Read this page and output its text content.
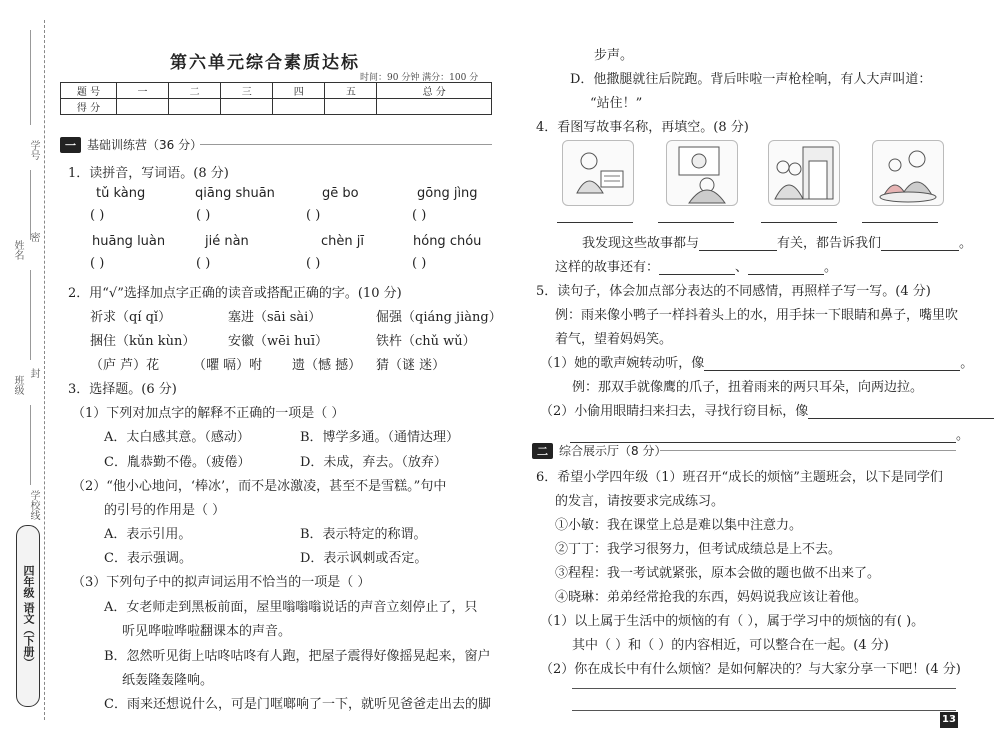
学号
姓名
密
班级
封
学校
线
四年级 语文（下册）
第六单元综合素质达标
时间：90 分钟 满分：100 分
题 号	一	二	三	四	五	总 分
得 分						
一 基础训练营（36 分）
1．读拼音，写词语。(8 分)
tǔ kàng	qiāng shuān	gē bo	gōng jìng
( )	( )	( )	( )
huāng luàn	jié nàn	chèn jī	hóng chóu
( )	( )	( )	( )
2．用“√”选择加点字正确的读音或搭配正确的字。(10 分)
祈求（qí qǐ）	塞进（sāi sài）	倔强（qiáng jiàng）
捆住（kǔn kùn）	安徽（wēi huī）	铁杵（chǔ wǔ）
（庐 芦）花	（㘗 嗝）咐 遗（憾 撼） 猜（谜 迷）
3．选择题。(6 分)
（1）下列对加点字的解释不正确的一项是（ ）
A．太白感其意。（感动）	B．博学多通。（通情达理）
C．胤恭勤不倦。（疲倦）	D．未成，弃去。（放弃）
（2）“他小心地问，‘棒冰’，而不是冰激凌，甚至不是雪糕。”句中
的引号的作用是（ ）
A．表示引用。	B．表示特定的称谓。
C．表示强调。	D．表示讽刺或否定。
（3）下列句子中的拟声词运用不恰当的一项是（ ）
A．女老师走到黑板前面，屋里嗡嗡嗡说话的声音立刻停止了，只
听见哗啦哗啦翻课本的声音。
B．忽然听见街上咕咚咕咚有人跑，把屋子震得好像摇晃起来，窗户
纸轰隆轰隆响。
C．雨来还想说什么，可是门哐啷响了一下，就听见爸爸走出去的脚
步声。
D．他撒腿就往后院跑。背后咔啦一声枪栓响，有人大声叫道：
“站住！”
4．看图写故事名称，再填空。(8 分)
我发现这些故事都与	有关，都告诉我们	。
这样的故事还有：	、	。
5．读句子，体会加点部分表达的不同感情，再照样子写一写。(4 分)
例：雨来像小鸭子一样抖着头上的水，用手抹一下眼睛和鼻子，嘴里吹
着气，望着妈妈笑。
（1）她的歌声婉转动听，像	。
例：那双手就像鹰的爪子，扭着雨来的两只耳朵，向两边拉。
（2）小偷用眼睛扫来扫去，寻找行窃目标，像
。
二 综合展示厅（8 分）
6．希望小学四年级（1）班召开“成长的烦恼”主题班会，以下是同学们
的发言，请按要求完成练习。
①小敏：我在课堂上总是难以集中注意力。
②丁丁：我学习很努力，但考试成绩总是上不去。
③程程：我一考试就紧张，原本会做的题也做不出来了。
④晓琳：弟弟经常抢我的东西，妈妈说我应该让着他。
（1）以上属于生活中的烦恼的有（ ），属于学习中的烦恼的有( )。
其中（ ）和（ ）的内容相近，可以整合在一起。(4 分)
（2）你在成长中有什么烦恼？是如何解决的？与大家分享一下吧！(4 分)
13
